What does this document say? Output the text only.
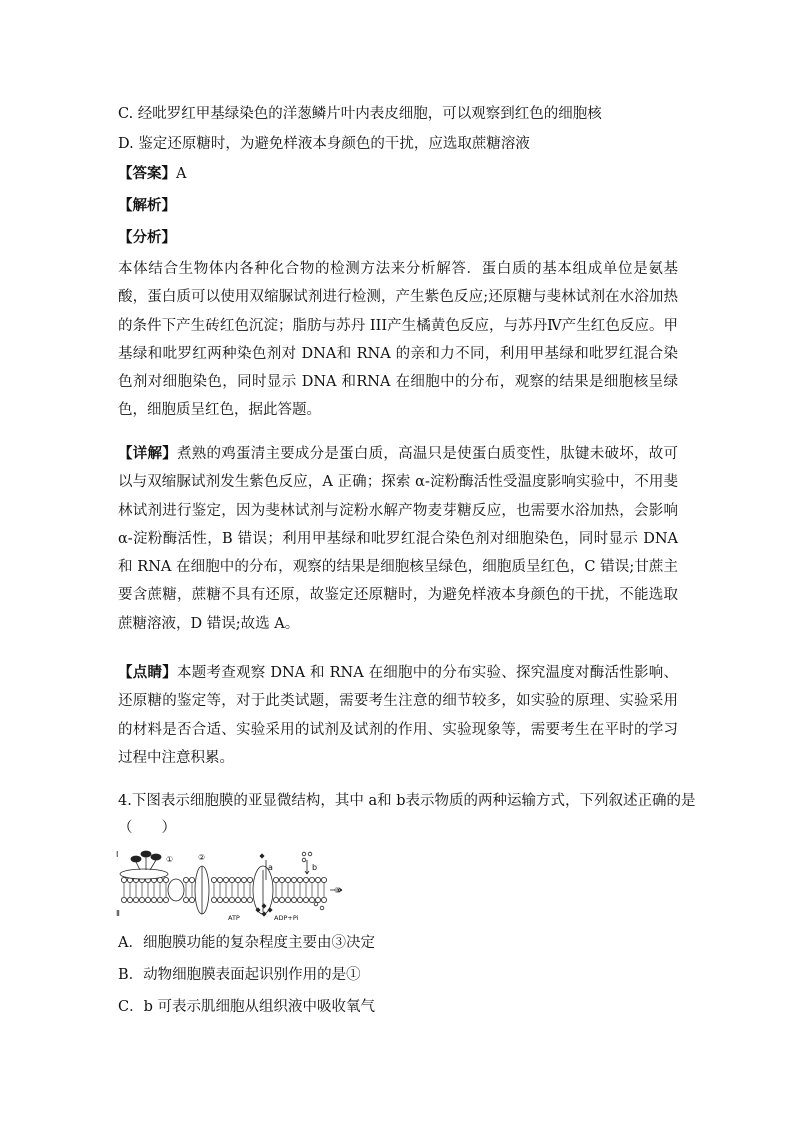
C. 经吡罗红甲基绿染色的洋葱鳞片叶内表皮细胞，可以观察到红色的细胞核
D. 鉴定还原糖时，为避免样液本身颜色的干扰，应选取蔗糖溶液
【答案】A
【解析】
【分析】
本体结合生物体内各种化合物的检测方法来分析解答．蛋白质的基本组成单位是氨基酸，蛋白质可以使用双缩脲试剂进行检测，产生紫色反应;还原糖与斐林试剂在水浴加热的条件下产生砖红色沉淀；脂肪与苏丹 III产生橘黄色反应，与苏丹Ⅳ产生红色反应。甲基绿和吡罗红两种染色剂对 DNA和 RNA 的亲和力不同，利用甲基绿和吡罗红混合染色剂对细胞染色，同时显示 DNA 和RNA 在细胞中的分布，观察的结果是细胞核呈绿色，细胞质呈红色，据此答题。
【详解】煮熟的鸡蛋清主要成分是蛋白质，高温只是使蛋白质变性，肽键未破坏，故可以与双缩脲试剂发生紫色反应，A 正确；探索 α-淀粉酶活性受温度影响实验中，不用斐林试剂进行鉴定，因为斐林试剂与淀粉水解产物麦芽糖反应，也需要水浴加热，会影响 α-淀粉酶活性，B 错误；利用甲基绿和吡罗红混合染色剂对细胞染色，同时显示 DNA 和 RNA 在细胞中的分布，观察的结果是细胞核呈绿色，细胞质呈红色，C 错误;甘蔗主要含蔗糖，蔗糖不具有还原，故鉴定还原糖时，为避免样液本身颜色的干扰，不能选取蔗糖溶液，D 错误;故选 A。
【点睛】本题考查观察 DNA 和 RNA 在细胞中的分布实验、探究温度对酶活性影响、还原糖的鉴定等，对于此类试题，需要考生注意的细节较多，如实验的原理、实验采用的材料是否合适、实验采用的试剂及试剂的作用、实验现象等，需要考生在平时的学习过程中注意积累。
4.下图表示细胞膜的亚显微结构，其中 a和 b表示物质的两种运输方式，下列叙述正确的是
（　　）
I
Ⅱ
①	②
③
a	b
ATP	ADP+Pi
A．细胞膜功能的复杂程度主要由③决定
B．动物细胞膜表面起识别作用的是①
C．b 可表示肌细胞从组织液中吸收氧气
